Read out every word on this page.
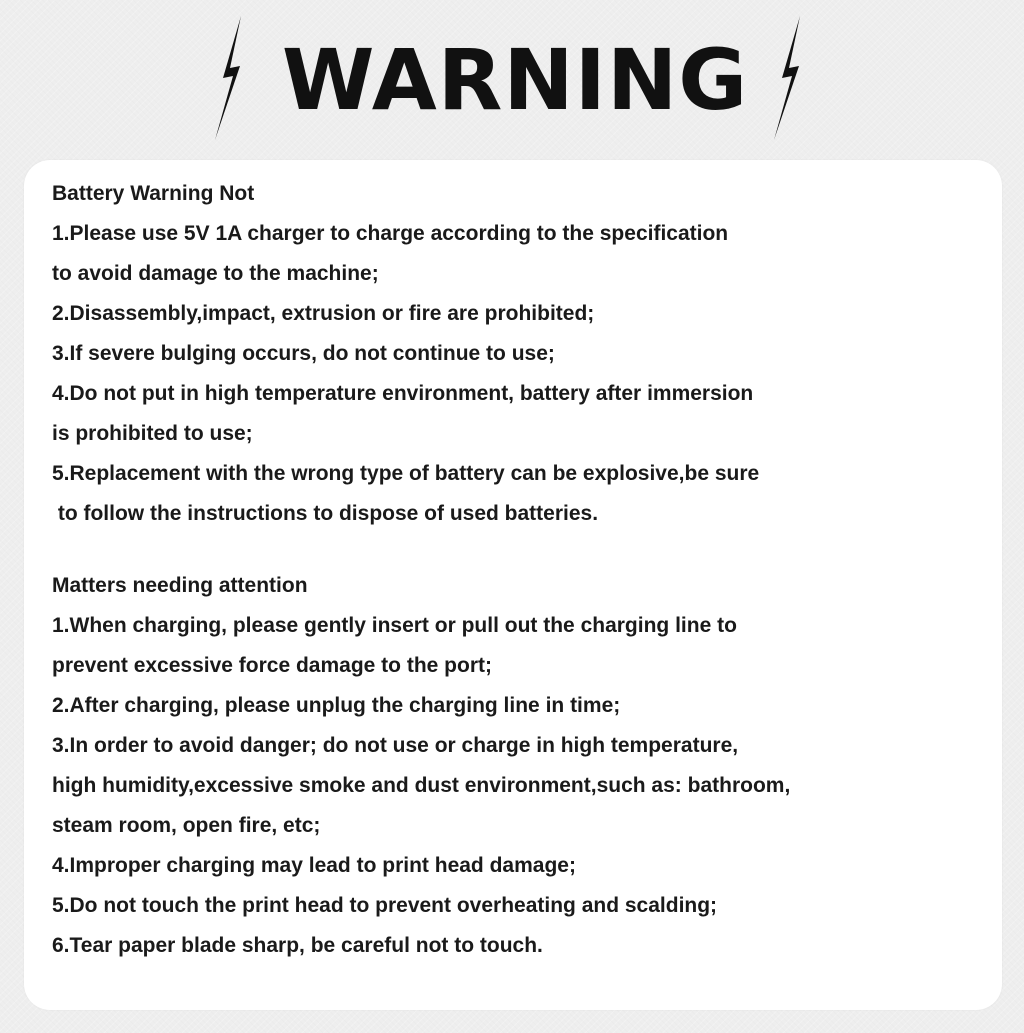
WARNING

Battery Warning Not

1.Please use 5V 1A charger to charge according to the specification

to avoid damage to the machine;

2.Disassembly,impact, extrusion or fire are prohibited;

3.If severe bulging occurs, do not continue to use;

4.Do not put in high temperature environment, battery after immersion

is prohibited to use;

5.Replacement with the wrong type of battery can be explosive,be sure

to follow the instructions to dispose of used batteries.

Matters needing attention

1.When charging, please gently insert or pull out the charging line to

prevent excessive force damage to the port;

2.After charging, please unplug the charging line in time;

3.In order to avoid danger; do not use or charge in high temperature,

high humidity,excessive smoke and dust environment,such as: bathroom,

steam room, open fire, etc;

4.Improper charging may lead to print head damage;

5.Do not touch the print head to prevent overheating and scalding;

6.Tear paper blade sharp, be careful not to touch.
